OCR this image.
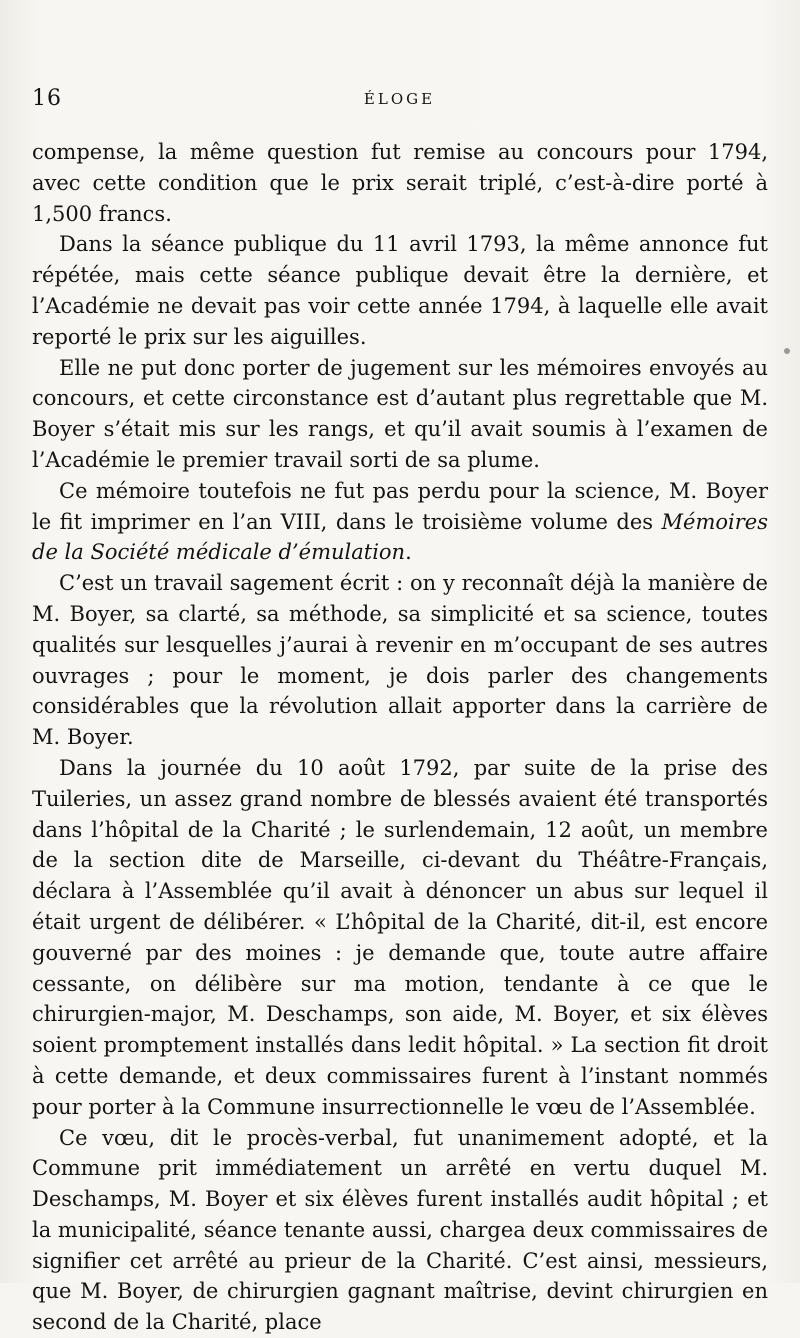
16	ÉLOGE

compense, la même question fut remise au concours pour 1794, avec cette condition que le prix serait triplé, c’est-à-dire porté à 1,500 francs.

Dans la séance publique du 11 avril 1793, la même annonce fut répétée, mais cette séance publique devait être la dernière, et l’Académie ne devait pas voir cette année 1794, à laquelle elle avait reporté le prix sur les aiguilles.

Elle ne put donc porter de jugement sur les mémoires envoyés au concours, et cette circonstance est d’autant plus regrettable que M. Boyer s’était mis sur les rangs, et qu’il avait soumis à l’examen de l’Académie le premier travail sorti de sa plume.

Ce mémoire toutefois ne fut pas perdu pour la science, M. Boyer le fit imprimer en l’an VIII, dans le troisième volume des Mémoires de la Société médicale d’émulation.

C’est un travail sagement écrit : on y reconnaît déjà la manière de M. Boyer, sa clarté, sa méthode, sa simplicité et sa science, toutes qualités sur lesquelles j’aurai à revenir en m’occupant de ses autres ouvrages ; pour le moment, je dois parler des changements considérables que la révolution allait apporter dans la carrière de M. Boyer.

Dans la journée du 10 août 1792, par suite de la prise des Tuileries, un assez grand nombre de blessés avaient été transportés dans l’hôpital de la Charité ; le surlendemain, 12 août, un membre de la section dite de Marseille, ci-devant du Théâtre-Français, déclara à l’Assemblée qu’il avait à dénoncer un abus sur lequel il était urgent de délibérer. « L’hôpital de la Charité, dit-il, est encore gouverné par des moines : je demande que, toute autre affaire cessante, on délibère sur ma motion, tendante à ce que le chirurgien-major, M. Deschamps, son aide, M. Boyer, et six élèves soient promptement installés dans ledit hôpital. » La section fit droit à cette demande, et deux commissaires furent à l’instant nommés pour porter à la Commune insurrectionnelle le vœu de l’Assemblée.

Ce vœu, dit le procès-verbal, fut unanimement adopté, et la Commune prit immédiatement un arrêté en vertu duquel M. Deschamps, M. Boyer et six élèves furent installés audit hôpital ; et la municipalité, séance tenante aussi, chargea deux commissaires de signifier cet arrêté au prieur de la Charité. C’est ainsi, messieurs, que M. Boyer, de chirurgien gagnant maîtrise, devint chirurgien en second de la Charité, place
